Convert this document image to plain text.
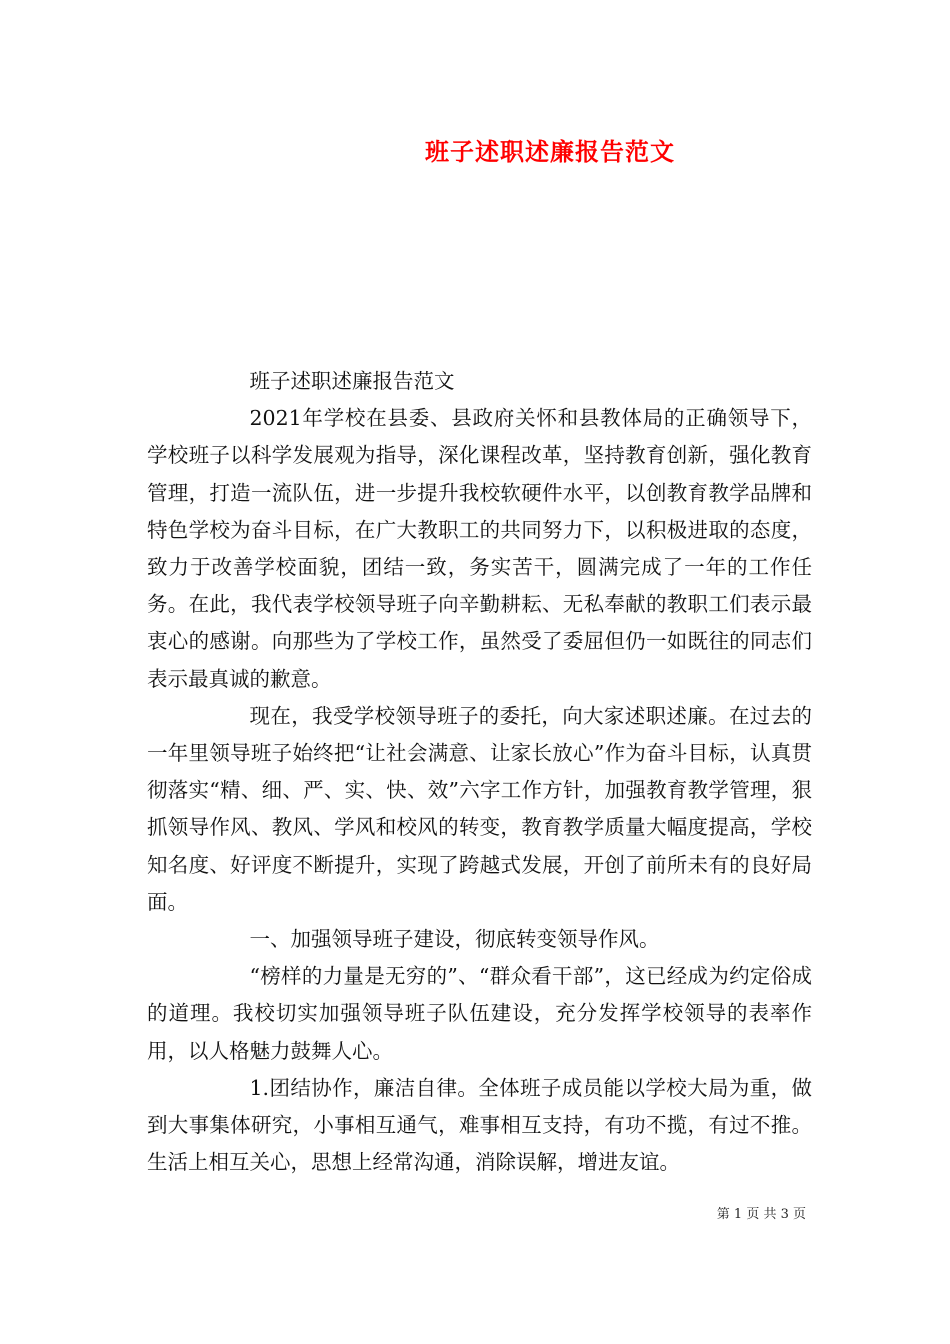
班子述职述廉报告范文

班子述职述廉报告范文

2021年学校在县委、县政府关怀和县教体局的正确领导下，学校班子以科学发展观为指导，深化课程改革，坚持教育创新，强化教育管理，打造一流队伍，进一步提升我校软硬件水平，以创教育教学品牌和特色学校为奋斗目标，在广大教职工的共同努力下，以积极进取的态度，致力于改善学校面貌，团结一致，务实苦干，圆满完成了一年的工作任务。在此，我代表学校领导班子向辛勤耕耘、无私奉献的教职工们表示最衷心的感谢。向那些为了学校工作，虽然受了委屈但仍一如既往的同志们表示最真诚的歉意。

现在，我受学校领导班子的委托，向大家述职述廉。在过去的一年里领导班子始终把“让社会满意、让家长放心”作为奋斗目标，认真贯彻落实“精、细、严、实、快、效”六字工作方针，加强教育教学管理，狠抓领导作风、教风、学风和校风的转变，教育教学质量大幅度提高，学校知名度、好评度不断提升，实现了跨越式发展，开创了前所未有的良好局面。

一、加强领导班子建设，彻底转变领导作风。

“榜样的力量是无穷的”、“群众看干部”，这已经成为约定俗成的道理。我校切实加强领导班子队伍建设，充分发挥学校领导的表率作用，以人格魅力鼓舞人心。

1.团结协作，廉洁自律。全体班子成员能以学校大局为重，做到大事集体研究，小事相互通气，难事相互支持，有功不揽，有过不推。生活上相互关心，思想上经常沟通，消除误解，增进友谊。

第 1 页 共 3 页
